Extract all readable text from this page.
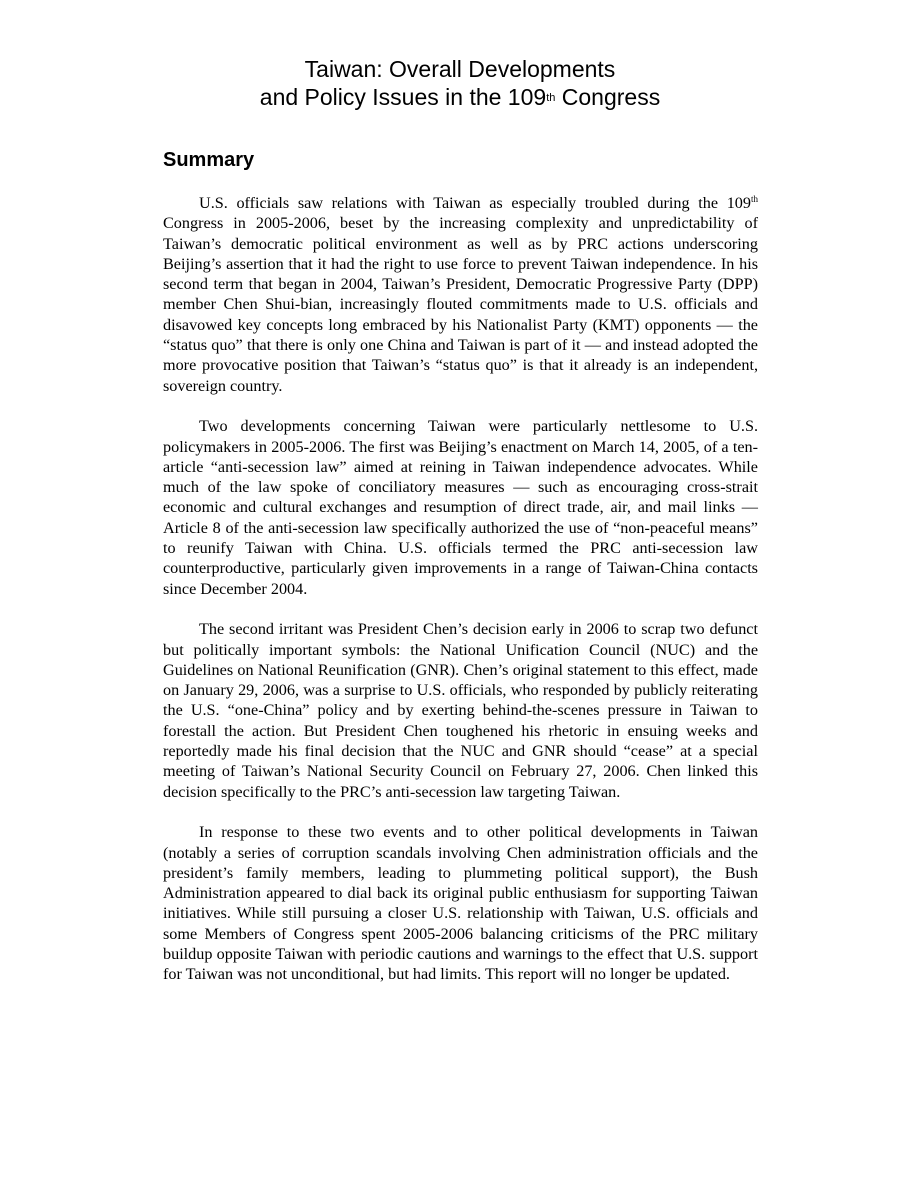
Taiwan: Overall Developments
and Policy Issues in the 109th Congress
Summary

U.S. officials saw relations with Taiwan as especially troubled during the 109th Congress in 2005-2006, beset by the increasing complexity and unpredictability of Taiwan’s democratic political environment as well as by PRC actions underscoring Beijing’s assertion that it had the right to use force to prevent Taiwan independence. In his second term that began in 2004, Taiwan’s President, Democratic Progressive Party (DPP) member Chen Shui-bian, increasingly flouted commitments made to U.S. officials and disavowed key concepts long embraced by his Nationalist Party (KMT) opponents — the “status quo” that there is only one China and Taiwan is part of it — and instead adopted the more provocative position that Taiwan’s “status quo” is that it already is an independent, sovereign country.

Two developments concerning Taiwan were particularly nettlesome to U.S. policymakers in 2005-2006. The first was Beijing’s enactment on March 14, 2005, of a ten-article “anti-secession law” aimed at reining in Taiwan independence advocates. While much of the law spoke of conciliatory measures — such as encouraging cross-strait economic and cultural exchanges and resumption of direct trade, air, and mail links — Article 8 of the anti-secession law specifically authorized the use of “non-peaceful means” to reunify Taiwan with China. U.S. officials termed the PRC anti-secession law counterproductive, particularly given improvements in a range of Taiwan-China contacts since December 2004.

The second irritant was President Chen’s decision early in 2006 to scrap two defunct but politically important symbols: the National Unification Council (NUC) and the Guidelines on National Reunification (GNR). Chen’s original statement to this effect, made on January 29, 2006, was a surprise to U.S. officials, who responded by publicly reiterating the U.S. “one-China” policy and by exerting behind-the-scenes pressure in Taiwan to forestall the action. But President Chen toughened his rhetoric in ensuing weeks and reportedly made his final decision that the NUC and GNR should “cease” at a special meeting of Taiwan’s National Security Council on February 27, 2006. Chen linked this decision specifically to the PRC’s anti-secession law targeting Taiwan.

In response to these two events and to other political developments in Taiwan (notably a series of corruption scandals involving Chen administration officials and the president’s family members, leading to plummeting political support), the Bush Administration appeared to dial back its original public enthusiasm for supporting Taiwan initiatives. While still pursuing a closer U.S. relationship with Taiwan, U.S. officials and some Members of Congress spent 2005-2006 balancing criticisms of the PRC military buildup opposite Taiwan with periodic cautions and warnings to the effect that U.S. support for Taiwan was not unconditional, but had limits. This report will no longer be updated.
